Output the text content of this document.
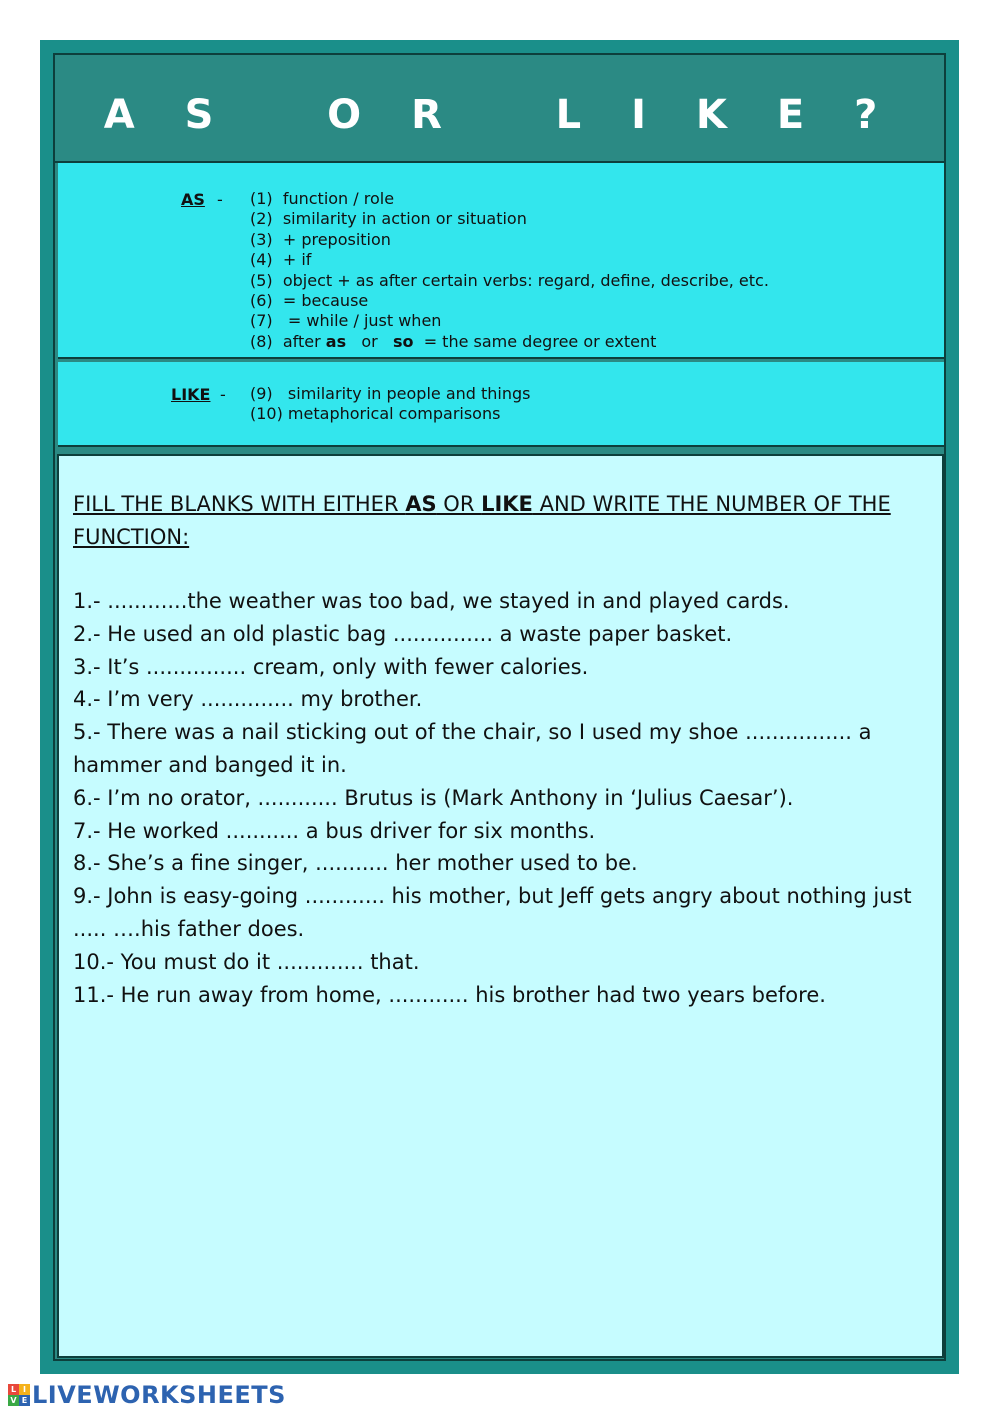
A S   O R   L I K E ?
AS - (1)  function / role
(2)  similarity in action or situation
(3)  + preposition
(4)  + if
(5)  object + as after certain verbs: regard, define, describe, etc.
(6)  = because
(7)   = while / just when
(8)  after as   or   so  = the same degree or extent
LIKE - (9)   similarity in people and things
(10) metaphorical comparisons

FILL THE BLANKS WITH EITHER AS OR LIKE AND WRITE THE NUMBER OF THE FUNCTION:

1.- ............the weather was too bad, we stayed in and played cards.
2.- He used an old plastic bag ............... a waste paper basket.
3.- It’s ............... cream, only with fewer calories.
4.- I’m very .............. my brother.
5.- There was a nail sticking out of the chair, so I used my shoe ................ a hammer and banged it in.
6.- I’m no orator, ............ Brutus is (Mark Anthony in ‘Julius Caesar’).
7.- He worked ........... a bus driver for six months.
8.- She’s a fine singer, ........... her mother used to be.
9.- John is easy-going ............ his mother, but Jeff gets angry about nothing just ..... ….his father does.
10.- You must do it ............. that.
11.- He run away from home, ............ his brother had two years before.
L I
V E LIVEWORKSHEETS
